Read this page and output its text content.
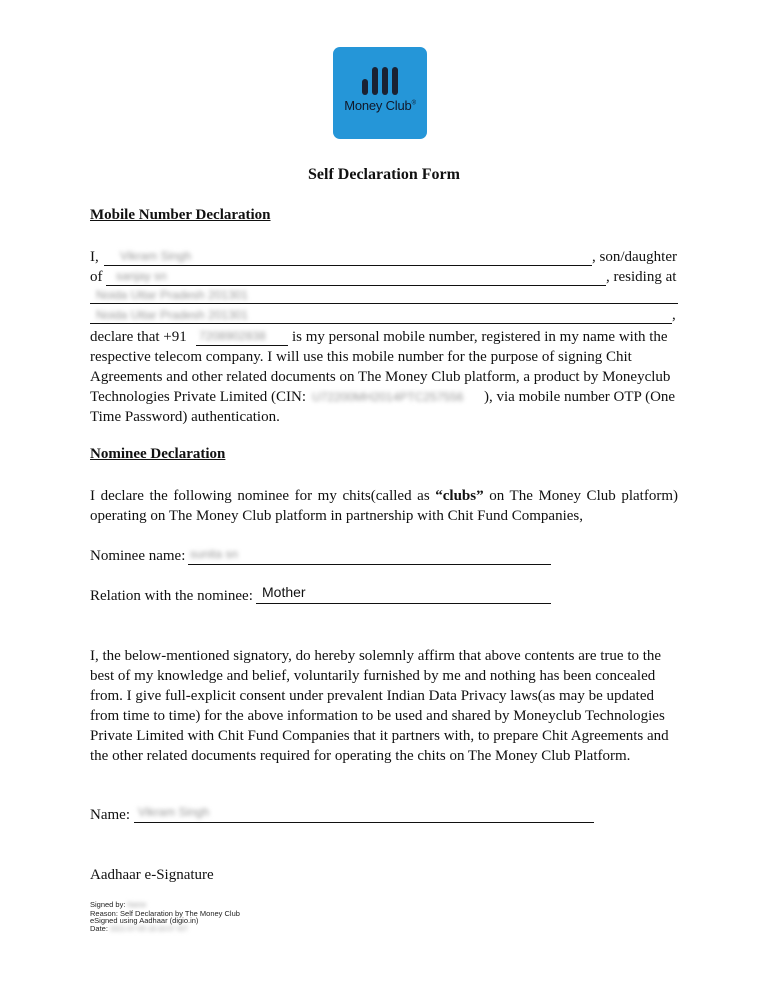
Money Club®
Self Declaration Form
Mobile Number Declaration
I, Vikram Singh	, son/daughter
of sanjay sn	, residing at
Noida Uttar Pradesh 201301
Noida Uttar Pradesh 201301	,
declare that +91 7208902838 is my personal mobile number, registered in my name with the
respective telecom company. I will use this mobile number for the purpose of signing Chit
Agreements and other related documents on The Money Club platform, a product by Moneyclub
Technologies Private Limited (CIN: U72200MH2014PTC257556 ), via mobile number OTP (One
Time Password) authentication.
Nominee Declaration
I declare the following nominee for my chits(called as “clubs” on The Money Club platform)
operating on The Money Club platform in partnership with Chit Fund Companies,
Nominee name: sunita sn
Relation with the nominee: Mother
I, the below-mentioned signatory, do hereby solemnly affirm that above contents are true to the
best of my knowledge and belief, voluntarily furnished by me and nothing has been concealed
from. I give full-explicit consent under prevalent Indian Data Privacy laws(as may be updated
from time to time) for the above information to be used and shared by Moneyclub Technologies
Private Limited with Chit Fund Companies that it partners with, to prepare Chit Agreements and
the other related documents required for operating the chits on The Money Club Platform.
Name: Vikram Singh
Aadhaar e-Signature
Signed by: Name
Reason: Self Declaration by The Money Club
eSigned using Aadhaar (digio.in)
Date: 2021-07-05 18:16:07 IST
